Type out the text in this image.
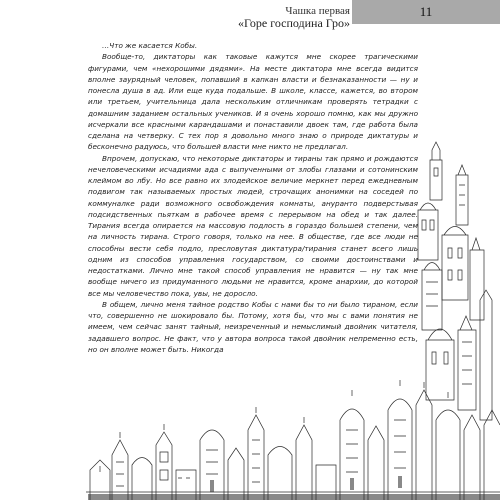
Чашка первая
«Горе господина Гро»
11

…Что же касается Кобы.

Вообще-то, диктаторы как таковые кажутся мне скорее трагическими фигурами, чем «нехорошими дядями». На месте диктатора мне всегда видится вполне заурядный человек, попавший в капкан власти и безнаказанности — ну и понесла душа в ад. Или еще куда подальше. В школе, классе, кажется, во втором или третьем, учительница дала нескольким отличникам проверять тетрадки с домашним заданием остальных учеников. И я очень хорошо помню, как мы дружно исчеркали все красными карандашами и понаставили двоек там, где работа была сделана на четверку. С тех пор я довольно много знаю о природе диктатуры и бесконечно радуюсь, что большей власти мне никто не предлагал.

Впрочем, допускаю, что некоторые диктаторы и тираны так прямо и рождаются нечеловеческими исчадиями ада с выпученными от злобы глазами и сотонинским клеймом во лбу. Но все равно их злодейское величие меркнет перед ежедневным подвигом так называемых простых людей, строчащих анонимки на соседей по коммуналке ради возможного освобождения комнаты, ануранто подверстывая подсидственных пьяткам в рабочее время с перерывом на обед и так далее. Тирания всегда опирается на массовую подлость в гораздо большей степени, чем на личность тирана. Строго говоря, только на нее. В обществе, где все люди не способны вести себя подло, пресловутая диктатура/тирания станет всего лишь одним из способов управления государством, со своими достоинствами и недостатками. Лично мне такой способ управления не нравится — ну так мне вообще ничего из придуманного людьми не нравится, кроме анархии, до которой все мы человечество пока, увы, не доросло.

В общем, лично меня тайное родство Кобы с нами бы то ни было тираном, если что, совершенно не шокировало бы. Потому, хотя бы, что мы с вами понятия не имеем, чем сейчас занят тайный, неизреченный и немыслимый двойник читателя, задавшего вопрос. Не факт, что у автора вопроса такой двойник непременно есть, но он вполне может быть. Никогда
